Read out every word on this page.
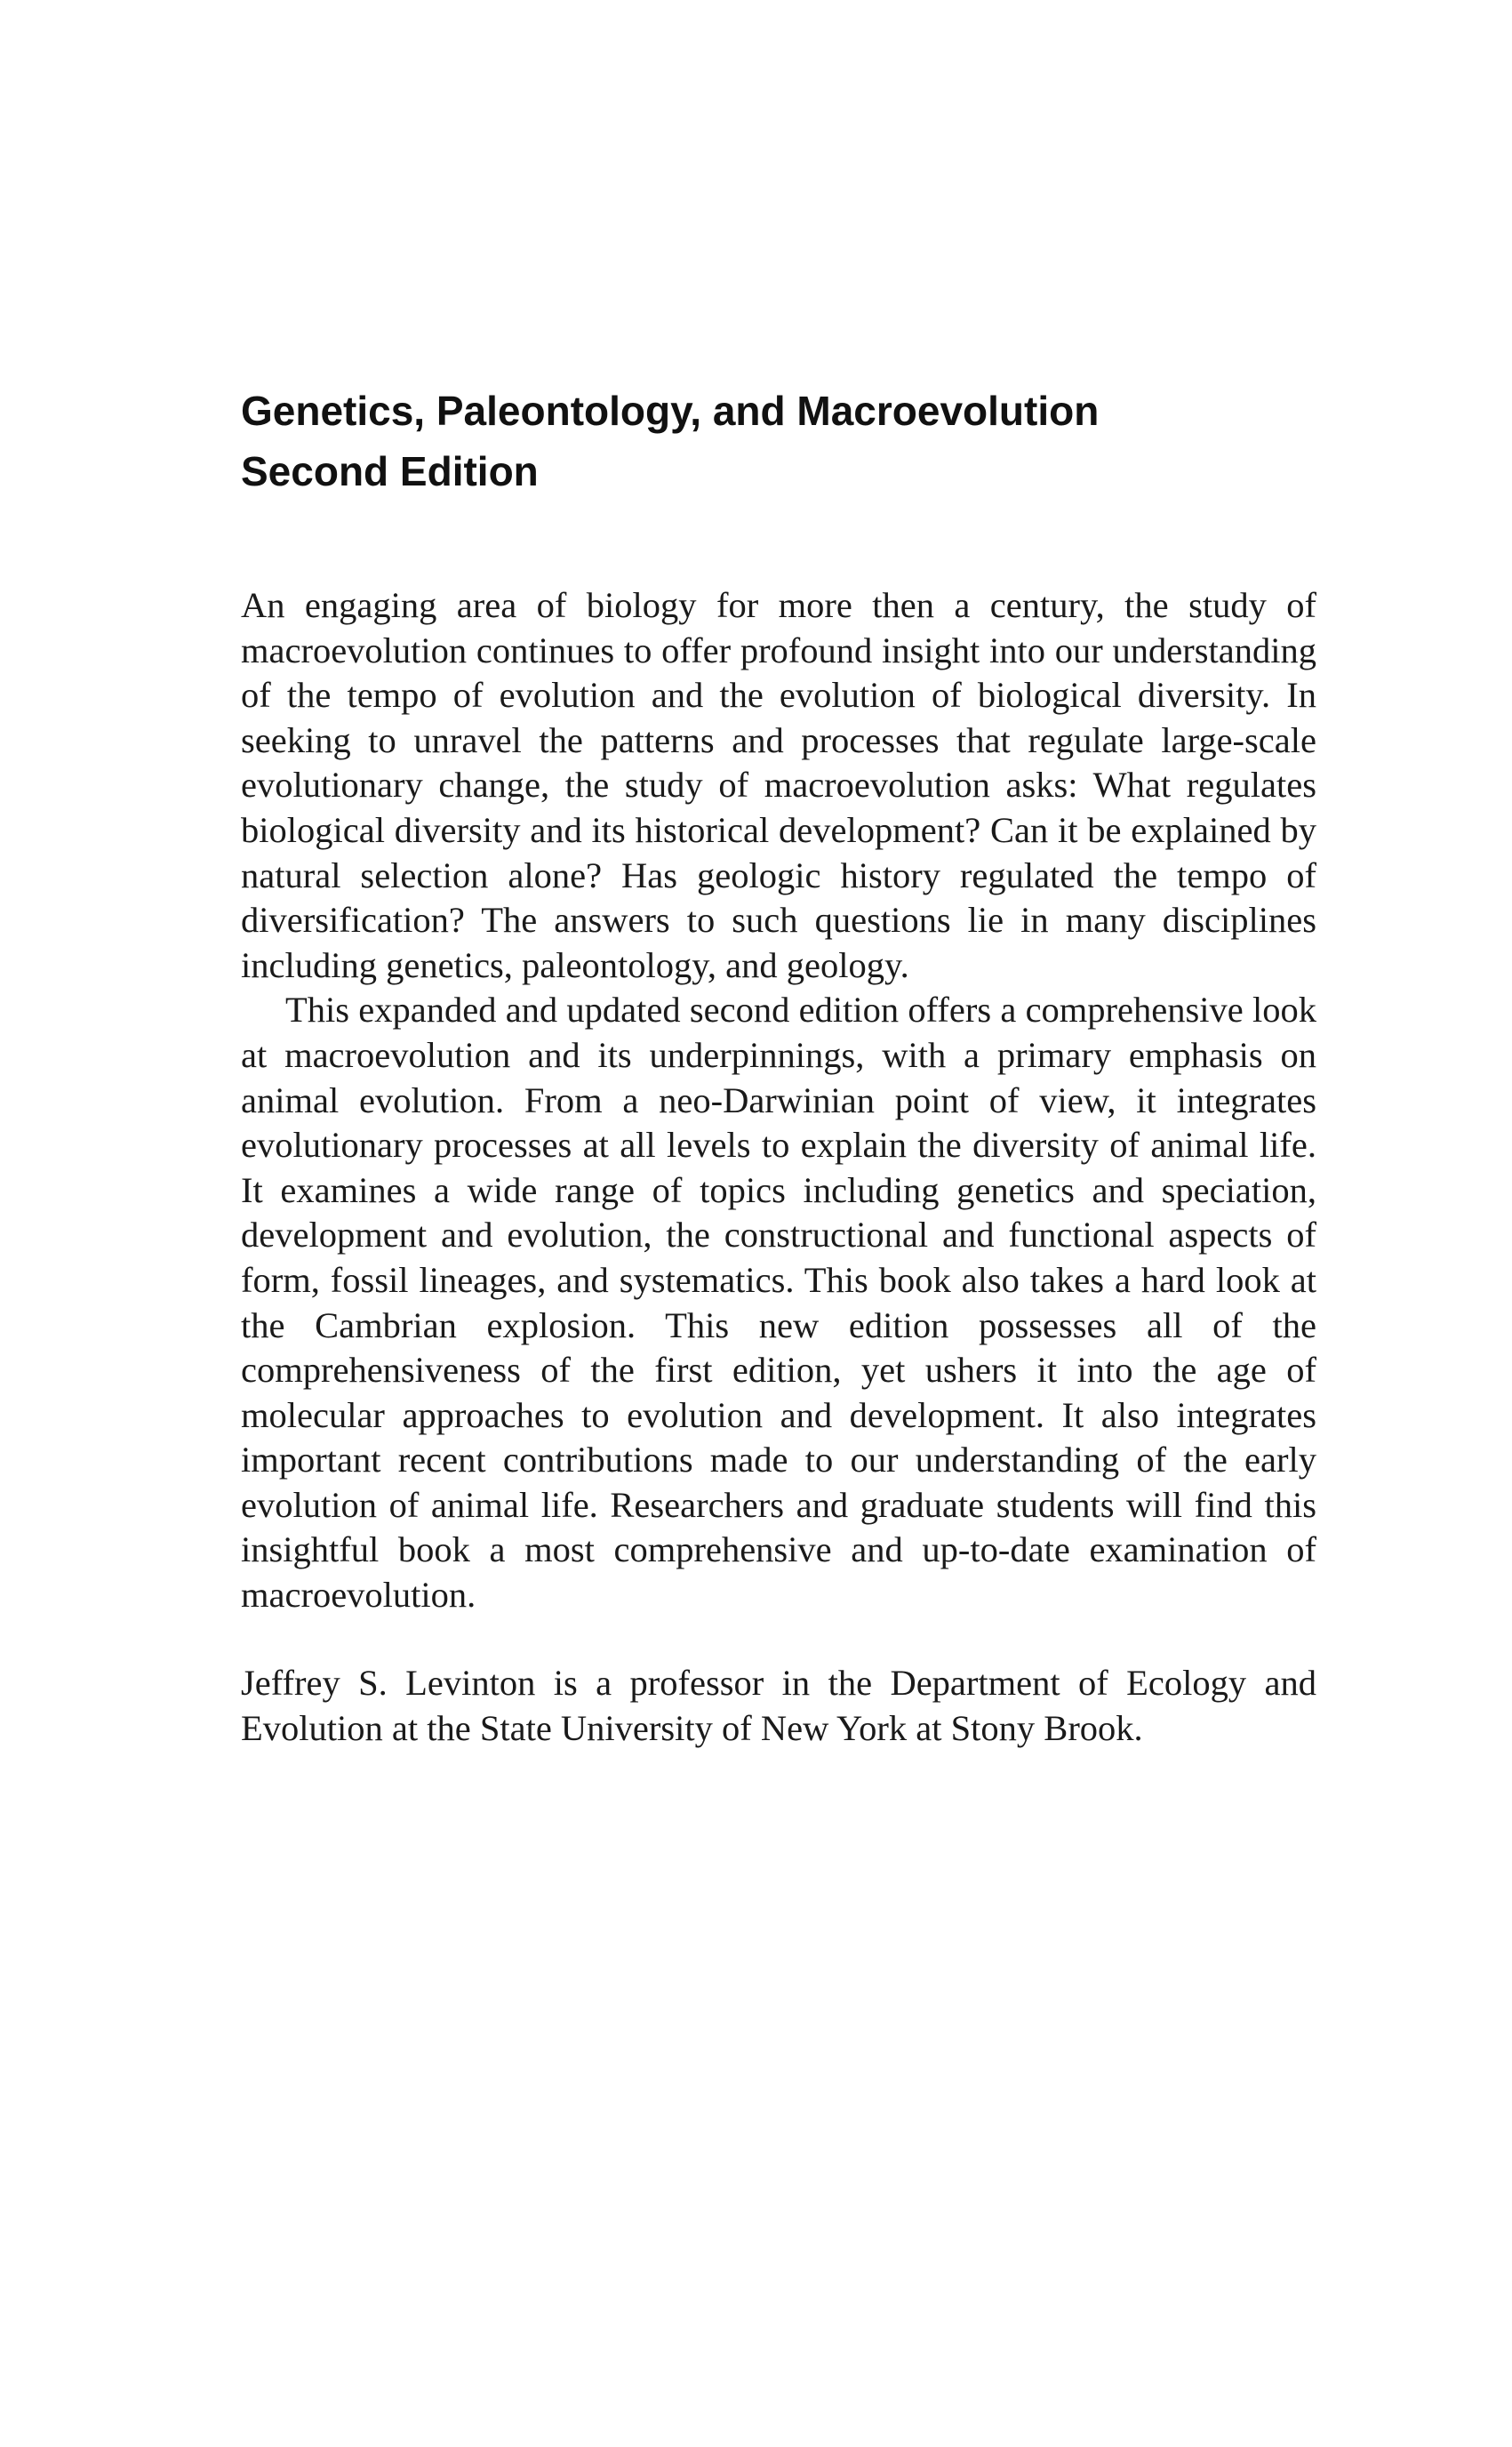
Genetics, Paleontology, and Macroevolution
Second Edition

An engaging area of biology for more then a century, the study of macroevolution continues to offer profound insight into our understanding of the tempo of evolution and the evolution of biological diversity. In seeking to unravel the patterns and processes that regulate large-scale evolutionary change, the study of macroevolution asks: What regulates biological diversity and its historical development? Can it be explained by natural selection alone? Has geologic history regulated the tempo of diversification? The answers to such questions lie in many disciplines including genetics, paleontology, and geology.

This expanded and updated second edition offers a comprehensive look at macroevolution and its underpinnings, with a primary emphasis on animal evolution. From a neo-Darwinian point of view, it integrates evolutionary processes at all levels to explain the diversity of animal life. It examines a wide range of topics including genetics and speciation, development and evolution, the constructional and functional aspects of form, fossil lineages, and systematics. This book also takes a hard look at the Cambrian explosion. This new edition possesses all of the comprehensiveness of the first edition, yet ushers it into the age of molecular approaches to evolution and development. It also integrates important recent contributions made to our understanding of the early evolution of animal life. Researchers and graduate students will find this insightful book a most comprehensive and up-to-date examination of macroevolution.

Jeffrey S. Levinton is a professor in the Department of Ecology and Evolution at the State University of New York at Stony Brook.
